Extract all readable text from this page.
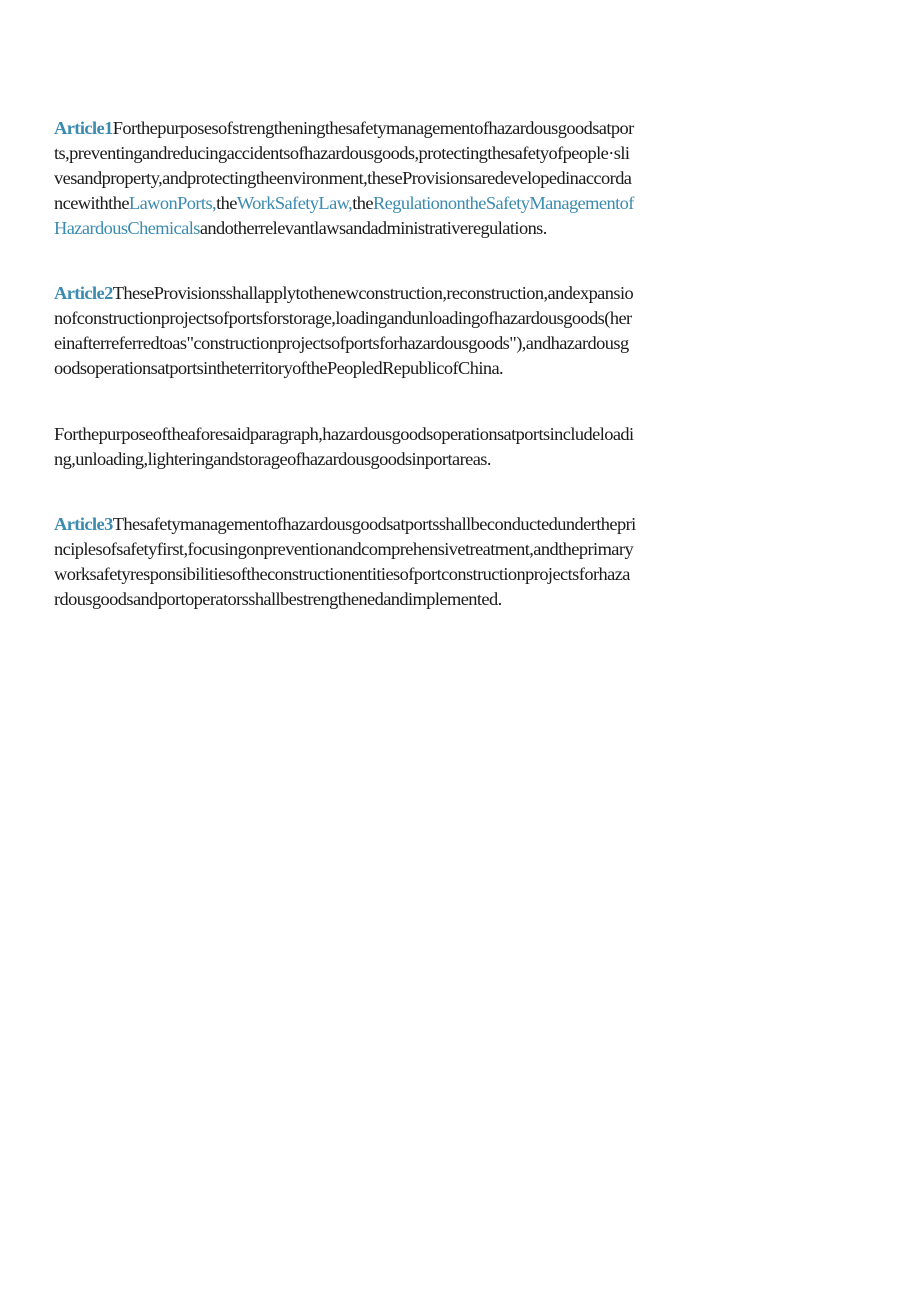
Article1Forthepurposesofstrengtheningthesafetymanagementofhazardousgoodsatpor
ts,preventingandreducingaccidentsofhazardousgoods,protectingthesafetyofpeople·sli
vesandproperty,andprotectingtheenvironment,theseProvisionsaredevelopedinaccorda
ncewiththeLawonPorts,theWorkSafetyLaw,theRegulationontheSafetyManagementof
HazardousChemicalsandotherrelevantlawsandadministrativeregulations.
Article2TheseProvisionsshallapplytothenewconstruction,reconstruction,andexpansio
nofconstructionprojectsofportsforstorage,loadingandunloadingofhazardousgoods(her
einafterreferredtoas"constructionprojectsofportsforhazardousgoods"),andhazardousg
oodsoperationsatportsintheterritoryofthePeopledRepublicofChina.
Forthepurposeoftheaforesaidparagraph,hazardousgoodsoperationsatportsincludeloadi
ng,unloading,lighteringandstorageofhazardousgoodsinportareas.
Article3Thesafetymanagementofhazardousgoodsatportsshallbeconductedunderthepri
nciplesofsafetyfirst,focusingonpreventionandcomprehensivetreatment,andtheprimary
worksafetyresponsibilitiesoftheconstructionentitiesofportconstructionprojectsforhaza
rdousgoodsandportoperatorsshallbestrengthenedandimplemented.
